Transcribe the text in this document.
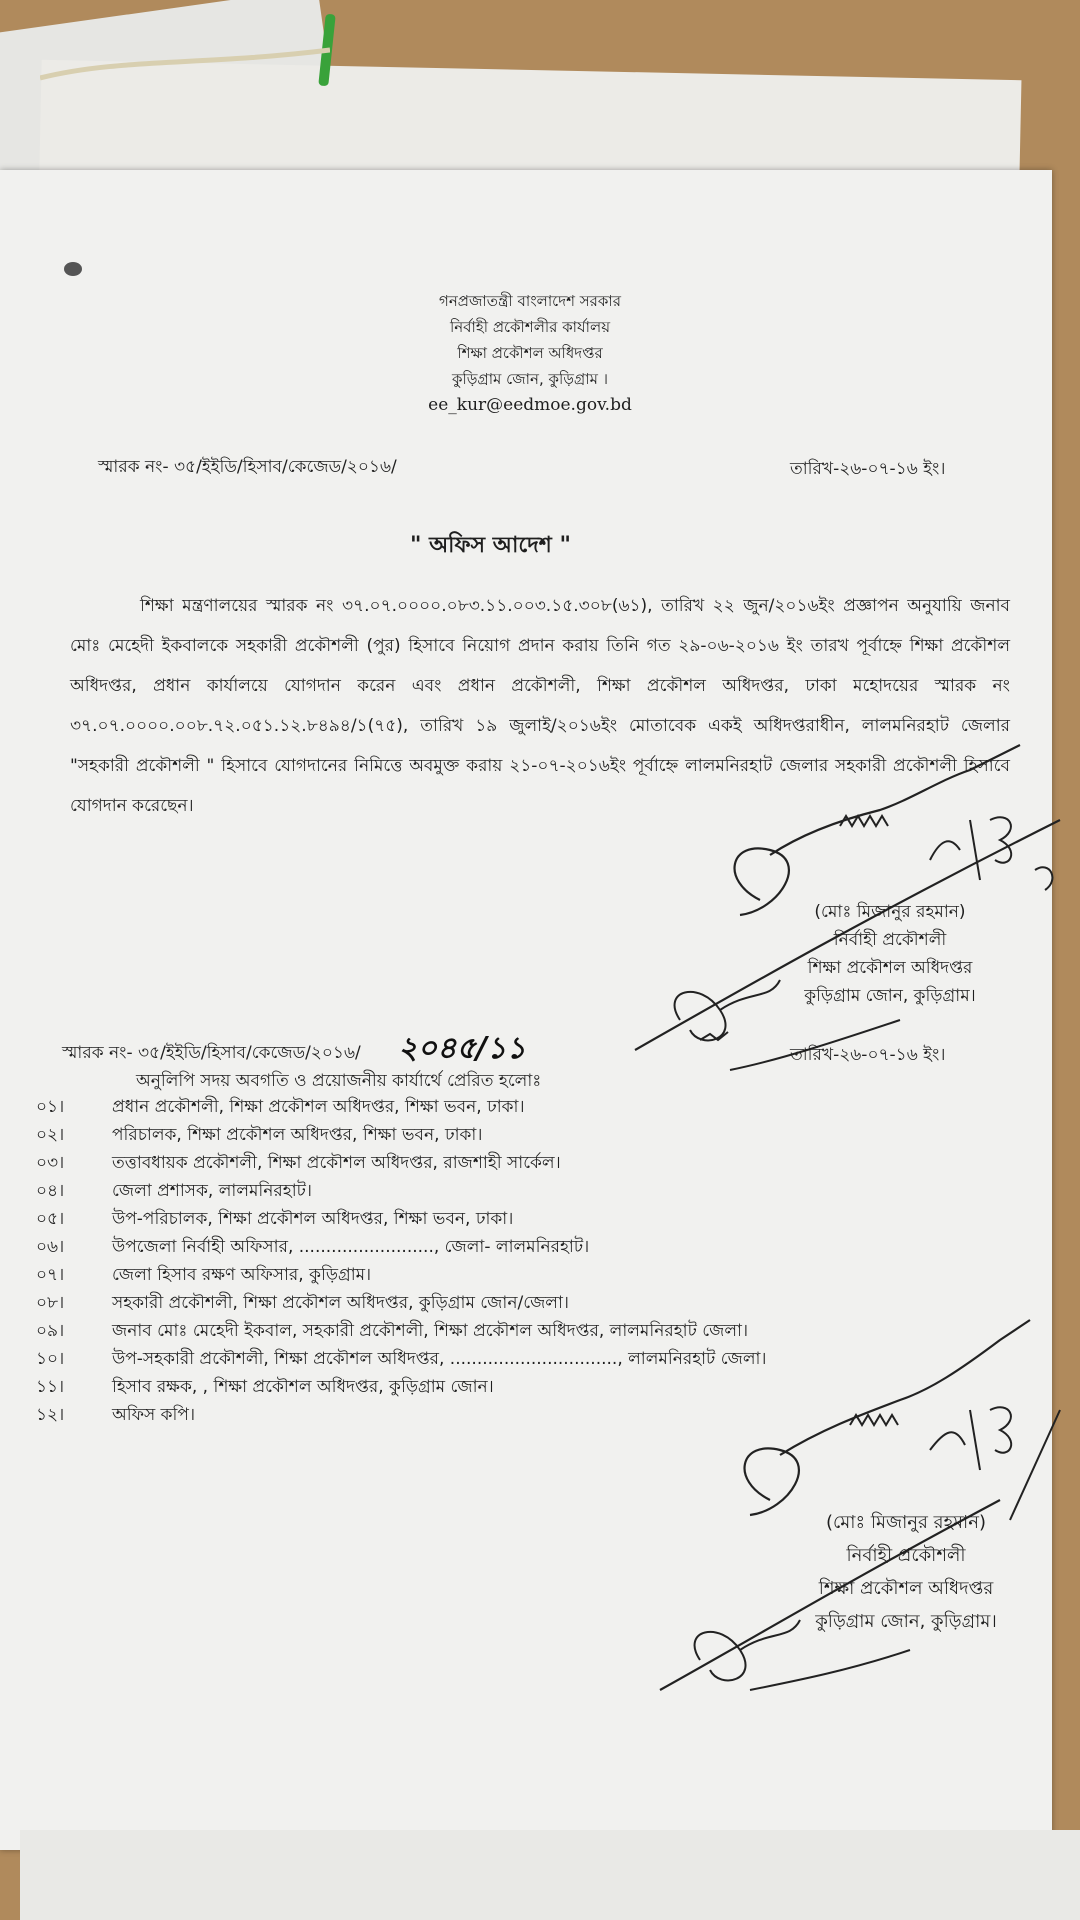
গনপ্রজাতন্ত্রী বাংলাদেশ সরকার
নির্বাহী প্রকৌশলীর কার্যালয়
শিক্ষা প্রকৌশল অধিদপ্তর
কুড়িগ্রাম জোন, কুড়িগ্রাম ।
ee_kur@eedmoe.gov.bd
স্মারক নং- ৩৫/ইইডি/হিসাব/কেজেড/২০১৬/	তারিখ-২৬-০৭-১৬ ইং।
" অফিস আদেশ "
শিক্ষা মন্ত্রণালয়ের স্মারক নং ৩৭.০৭.০০০০.০৮৩.১১.০০৩.১৫.৩০৮(৬১), তারিখ ২২ জুন/২০১৬ইং প্রজ্ঞাপন অনুযায়ি জনাব মোঃ মেহেদী ইকবালকে সহকারী প্রকৌশলী (পুর) হিসাবে নিয়োগ প্রদান করায় তিনি গত ২৯-০৬-২০১৬ ইং তারখ পূর্বাহ্নে শিক্ষা প্রকৌশল অধিদপ্তর, প্রধান কার্যালয়ে যোগদান করেন এবং প্রধান প্রকৌশলী, শিক্ষা প্রকৌশল অধিদপ্তর, ঢাকা মহোদয়ের স্মারক নং ৩৭.০৭.০০০০.০০৮.৭২.০৫১.১২.৮৪৯৪/১(৭৫), তারিখ ১৯ জুলাই/২০১৬ইং মোতাবেক একই অধিদপ্তরাধীন, লালমনিরহাট জেলার "সহকারী প্রকৌশলী " হিসাবে যোগদানের নিমিত্তে অবমুক্ত করায় ২১-০৭-২০১৬ইং পূর্বাহ্নে লালমনিরহাট জেলার সহকারী প্রকৌশলী হিসাবে যোগদান করেছেন।
(মোঃ মিজানুর রহমান)
নির্বাহী প্রকৌশলী
শিক্ষা প্রকৌশল অধিদপ্তর
কুড়িগ্রাম জোন, কুড়িগ্রাম।
স্মারক নং- ৩৫/ইইডি/হিসাব/কেজেড/২০১৬/ ২০৪৫/১১	তারিখ-২৬-০৭-১৬ ইং।
অনুলিপি সদয় অবগতি ও প্রয়োজনীয় কার্যার্থে প্রেরিত হলোঃ
০১।	প্রধান প্রকৌশলী, শিক্ষা প্রকৌশল অধিদপ্তর, শিক্ষা ভবন, ঢাকা।
০২।	পরিচালক, শিক্ষা প্রকৌশল অধিদপ্তর, শিক্ষা ভবন, ঢাকা।
০৩।	তত্তাবধায়ক প্রকৌশলী, শিক্ষা প্রকৌশল অধিদপ্তর, রাজশাহী সার্কেল।
০৪।	জেলা প্রশাসক, লালমনিরহাট।
০৫।	উপ-পরিচালক, শিক্ষা প্রকৌশল অধিদপ্তর, শিক্ষা ভবন, ঢাকা।
০৬।	উপজেলা নির্বাহী অফিসার, ........................., জেলা- লালমনিরহাট।
০৭।	জেলা হিসাব রক্ষণ অফিসার, কুড়িগ্রাম।
০৮।	সহকারী প্রকৌশলী, শিক্ষা প্রকৌশল অধিদপ্তর, কুড়িগ্রাম জোন/জেলা।
০৯।	জনাব মোঃ মেহেদী ইকবাল, সহকারী প্রকৌশলী, শিক্ষা প্রকৌশল অধিদপ্তর, লালমনিরহাট জেলা।
১০।	উপ-সহকারী প্রকৌশলী, শিক্ষা প্রকৌশল অধিদপ্তর, ..............................., লালমনিরহাট জেলা।
১১।	হিসাব রক্ষক, , শিক্ষা প্রকৌশল অধিদপ্তর, কুড়িগ্রাম জোন।
১২।	অফিস কপি।
(মোঃ মিজানুর রহমান)
নির্বাহী প্রকৌশলী
শিক্ষা প্রকৌশল অধিদপ্তর
কুড়িগ্রাম জোন, কুড়িগ্রাম।
